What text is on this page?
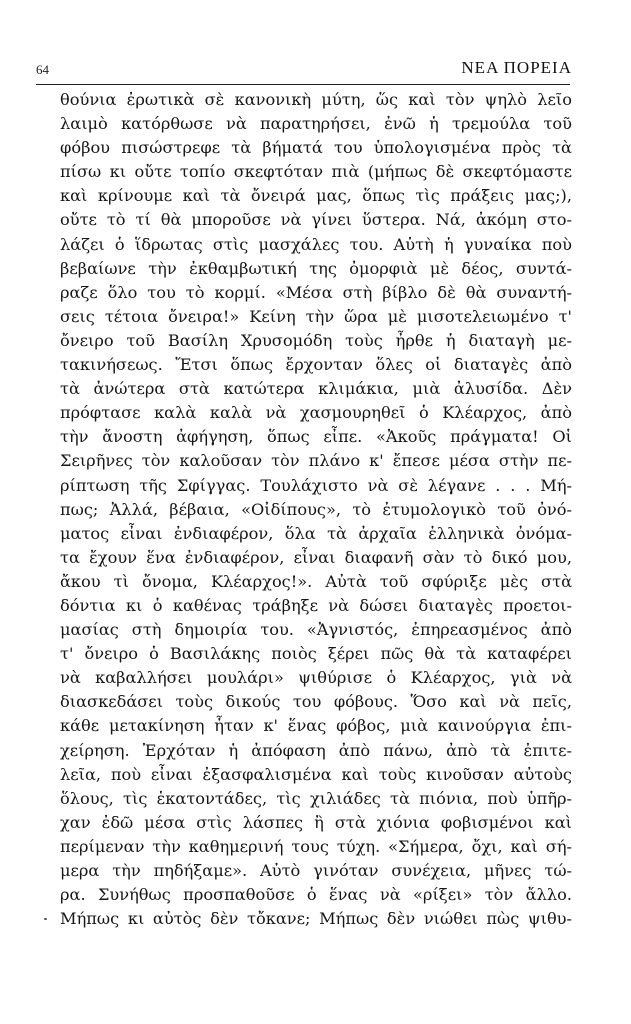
64	ΝΕΑ ΠΟΡΕΙΑ
θούνια ἐρωτικὰ σὲ κανονικὴ μύτη, ὥς καὶ τὸν ψηλὸ λεῖο
λαιμὸ κατόρθωσε νὰ παρατηρήσει, ἐνῶ ἡ τρεμούλα τοῦ
φόβου πισώστρεφε τὰ βήματά του ὑπολογισμένα πρὸς τὰ
πίσω κι οὔτε τοπίο σκεφτόταν πιὰ (μήπως δὲ σκεφτόμαστε
καὶ κρίνουμε καὶ τὰ ὄνειρά μας, ὅπως τὶς πράξεις μας;),
οὔτε τὸ τί θὰ μποροῦσε νὰ γίνει ὕστερα. Νά, ἀκόμη στο-
λάζει ὁ ἵδρωτας στὶς μασχάλες του. Αὐτὴ ἡ γυναίκα ποὺ
βεβαίωνε τὴν ἐκθαμβωτική της ὀμορφιὰ μὲ δέος, συντά-
ραζε ὅλο του τὸ κορμί. «Μέσα στὴ βίβλο δὲ θὰ συναντή-
σεις τέτοια ὄνειρα!» Κείνη τὴν ὥρα μὲ μισοτελειωμένο τ'
ὄνειρο τοῦ Βασίλη Χρυσομόδη τοὺς ἦρθε ἡ διαταγὴ με-
τακινήσεως. Ἔτσι ὅπως ἔρχονταν ὅλες οἱ διαταγὲς ἀπὸ
τὰ ἀνώτερα στὰ κατώτερα κλιμάκια, μιὰ ἀλυσίδα. Δὲν
πρόφτασε καλὰ καλὰ νὰ χασμουρηθεῖ ὁ Κλέαρχος, ἀπὸ
τὴν ἄνοστη ἀφήγηση, ὅπως εἶπε. «Ἀκοῦς πράγματα! Οἱ
Σειρῆνες τὸν καλοῦσαν τὸν πλάνο κ' ἔπεσε μέσα στὴν πε-
ρίπτωση τῆς Σφίγγας. Τουλάχιστο νὰ σὲ λέγανε . . . Μή-
πως; Ἀλλά, βέβαια, «Οἰδίπους», τὸ ἐτυμολογικὸ τοῦ ὀνό-
ματος εἶναι ἐνδιαφέρον, ὅλα τὰ ἀρχαῖα ἑλληνικὰ ὀνόμα-
τα ἔχουν ἕνα ἐνδιαφέρον, εἶναι διαφανῆ σὰν τὸ δικό μου,
ἄκου τὶ ὄνομα, Κλέαρχος!». Αὐτὰ τοῦ σφύριξε μὲς στὰ
δόντια κι ὁ καθένας τράβηξε νὰ δώσει διαταγὲς προετοι-
μασίας στὴ δημοιρία του. «Ἀγνιστός, ἐπηρεασμένος ἀπὸ
τ' ὄνειρο ὁ Βασιλάκης ποιὸς ξέρει πῶς θὰ τὰ καταφέρει
νὰ καβαλλήσει μουλάρι» ψιθύρισε ὁ Κλέαρχος, γιὰ νὰ
διασκεδάσει τοὺς δικούς του φόβους. Ὅσο καὶ νὰ πεῖς,
κάθε μετακίνηση ἦταν κ' ἕνας φόβος, μιὰ καινούργια ἐπι-
χείρηση. Ἐρχόταν ἡ ἀπόφαση ἀπὸ πάνω, ἀπὸ τὰ ἐπιτε-
λεῖα, ποὺ εἶναι ἐξασφαλισμένα καὶ τοὺς κινοῦσαν αὐτοὺς
ὅλους, τὶς ἑκατοντάδες, τὶς χιλιάδες τὰ πιόνια, ποὺ ὑπῆρ-
χαν ἐδῶ μέσα στὶς λάσπες ἢ στὰ χιόνια φοβισμένοι καὶ
περίμεναν τὴν καθημερινή τους τύχη. «Σήμερα, ὄχι, καὶ σή-
μερα τὴν πηδήξαμε». Αὐτὸ γινόταν συνέχεια, μῆνες τώ-
ρα. Συνήθως προσπαθοῦσε ὁ ἕνας νὰ «ρίξει» τὸν ἄλλο.
Μήπως κι αὐτὸς δὲν τὄκανε; Μήπως δὲν νιώθει πὼς ψιθυ-
